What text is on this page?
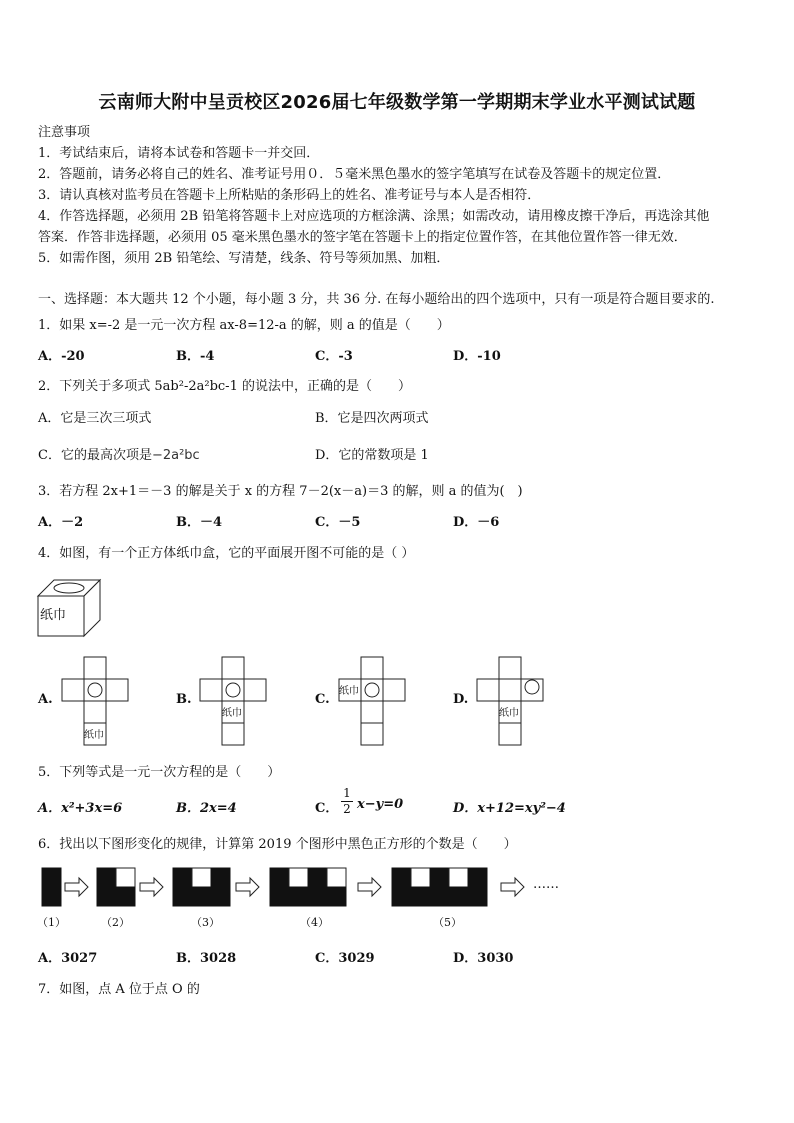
云南师大附中呈贡校区2026届七年级数学第一学期期末学业水平测试试题
注意事项
1．考试结束后，请将本试卷和答题卡一并交回．
2．答题前，请务必将自己的姓名、准考证号用０．５毫米黑色墨水的签字笔填写在试卷及答题卡的规定位置．
3．请认真核对监考员在答题卡上所粘贴的条形码上的姓名、准考证号与本人是否相符．
4．作答选择题，必须用 2B 铅笔将答题卡上对应选项的方框涂满、涂黑；如需改动，请用橡皮擦干净后，再选涂其他
答案．作答非选择题，必须用 05 毫米黑色墨水的签字笔在答题卡上的指定位置作答，在其他位置作答一律无效．
5．如需作图，须用 2B 铅笔绘、写清楚，线条、符号等须加黑、加粗．
一、选择题：本大题共 12 个小题，每小题 3 分，共 36 分. 在每小题给出的四个选项中，只有一项是符合题目要求的.
1．如果 x=-2 是一元一次方程 ax-8=12-a 的解，则 a 的值是（　　）
A．-20	B．-4	C．-3	D．-10
2．下列关于多项式 5ab²-2a²bc-1 的说法中，正确的是（　　）
A．它是三次三项式	B．它是四次两项式
C．它的最高次项是−2a²bc	D．它的常数项是 1
3．若方程 2x+1＝－3 的解是关于 x 的方程 7－2(x－a)＝3 的解，则 a 的值为(　)
A．－2	B．－4	C．－5	D．－6
4．如图，有一个正方体纸巾盒，它的平面展开图不可能的是（ ）
纸巾
A.
纸巾
B.
纸巾
C.
纸巾
D.
纸巾
5．下列等式是一元一次方程的是（　　）
A．x²+3x=6	B．2x=4	C．
1
2 x−y=0	D．x+12=xy²−4
6．找出以下图形变化的规律，计算第 2019 个图形中黑色正方形的个数是（　　）
……
（1）	（2）	（3）	（4）	（5）
A．3027	B．3028	C．3029	D．3030
7．如图，点 A 位于点 O 的
